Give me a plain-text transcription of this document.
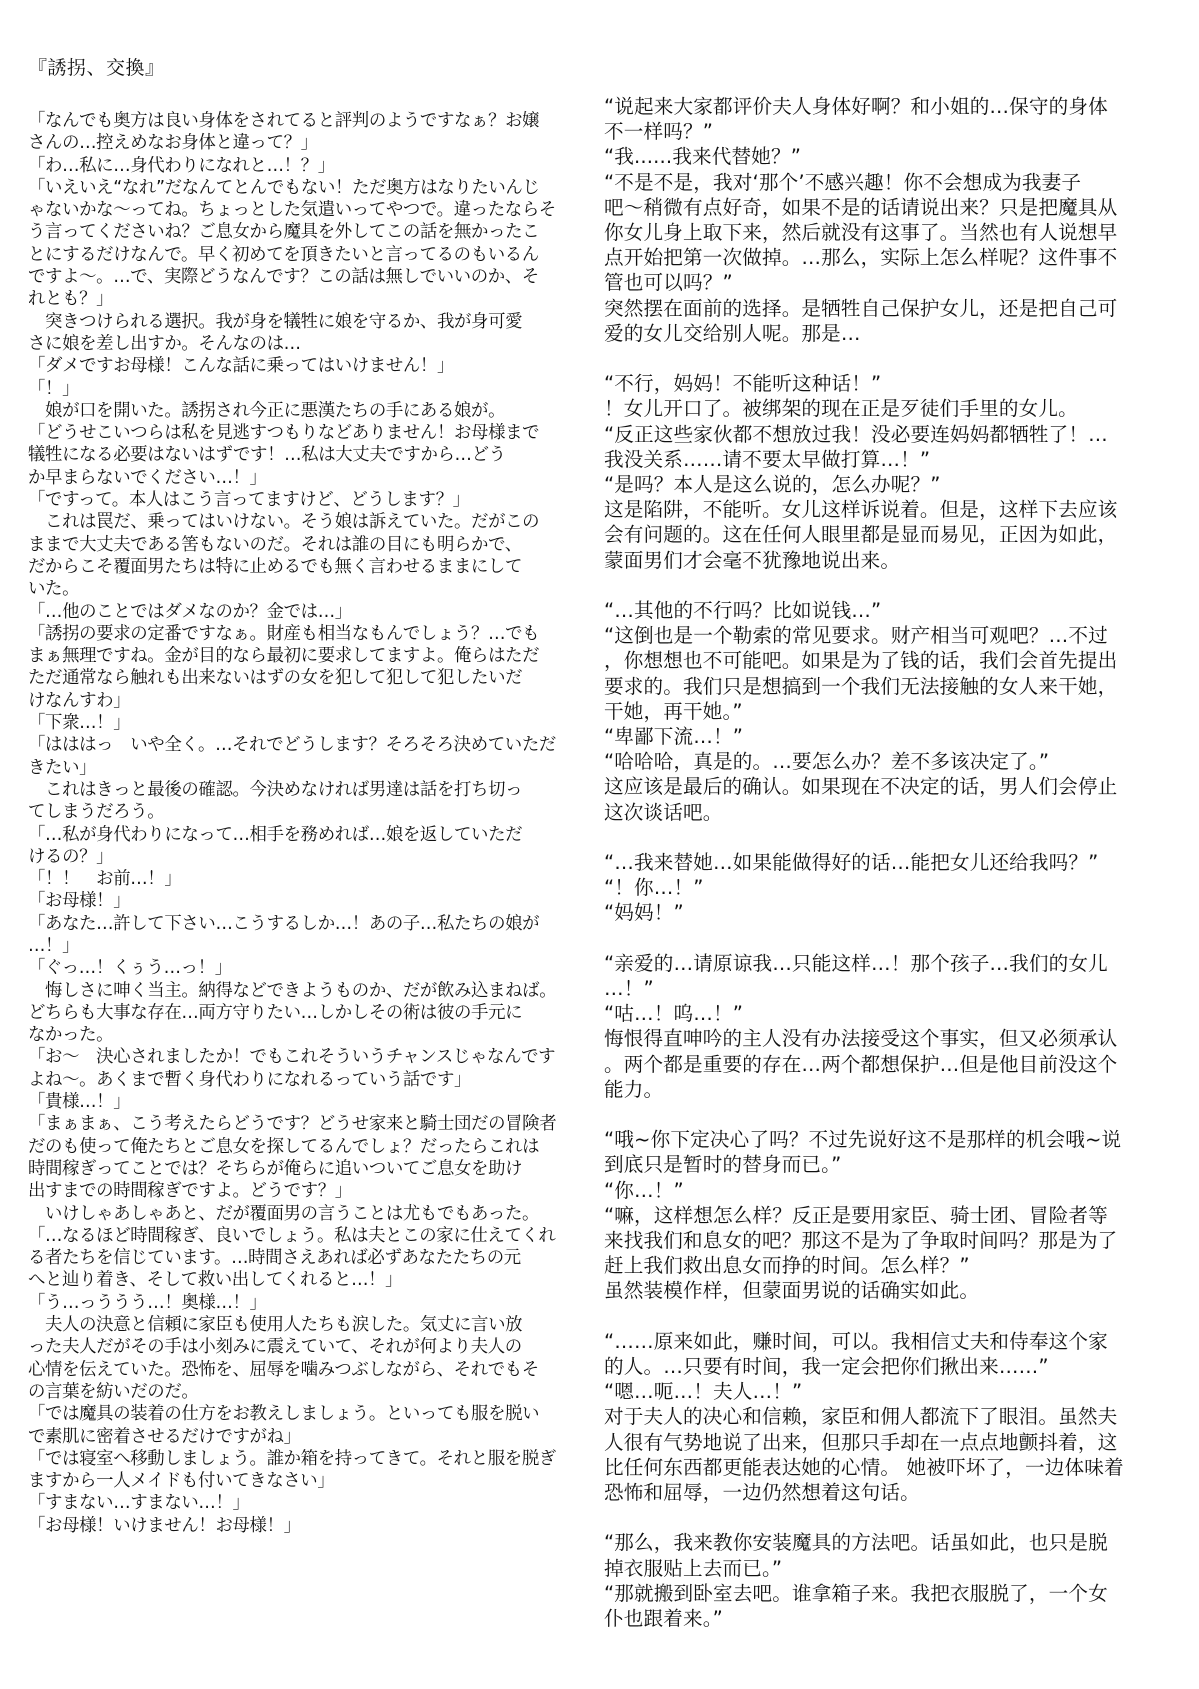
『誘拐、交換』
「なんでも奥方は良い身体をされてると評判のようですなぁ？お嬢
さんの…控えめなお身体と違って？」
「わ…私に…身代わりになれと…！？」
「いえいえ“なれ”だなんてとんでもない！ただ奥方はなりたいんじ
ゃないかな〜ってね。ちょっとした気遣いってやつで。違ったならそ
う言ってくださいね？ご息女から魔具を外してこの話を無かったこ
とにするだけなんで。早く初めてを頂きたいと言ってるのもいるん
ですよ〜。…で、実際どうなんです？この話は無しでいいのか、そ
れとも？」
　突きつけられる選択。我が身を犠牲に娘を守るか、我が身可愛
さに娘を差し出すか。そんなのは…
「ダメですお母様！こんな話に乗ってはいけません！」
「！」
　娘が口を開いた。誘拐され今正に悪漢たちの手にある娘が。
「どうせこいつらは私を見逃すつもりなどありません！お母様まで
犠牲になる必要はないはずです！…私は大丈夫ですから…どう
か早まらないでください…！」
「ですって。本人はこう言ってますけど、どうします？」
　これは罠だ、乗ってはいけない。そう娘は訴えていた。だがこの
ままで大丈夫である筈もないのだ。それは誰の目にも明らかで、
だからこそ覆面男たちは特に止めるでも無く言わせるままにして
いた。
「…他のことではダメなのか？金では…」
「誘拐の要求の定番ですなぁ。財産も相当なもんでしょう？…でも
まぁ無理ですね。金が目的なら最初に要求してますよ。俺らはただ
ただ通常なら触れも出来ないはずの女を犯して犯して犯したいだ
けなんすわ」
「下衆…！」
「はははっ　いや全く。…それでどうします？そろそろ決めていただ
きたい」
　これはきっと最後の確認。今決めなければ男達は話を打ち切っ
てしまうだろう。
「…私が身代わりになって…相手を務めれば…娘を返していただ
けるの？」
「！！　お前…！」
「お母様！」
「あなた…許して下さい…こうするしか…！あの子…私たちの娘が
…！」
「ぐっ…！くぅう…っ！」
　悔しさに呻く当主。納得などできようものか、だが飲み込まねば。
どちらも大事な存在…両方守りたい…しかしその術は彼の手元に
なかった。
「お〜　決心されましたか！でもこれそういうチャンスじゃなんです
よね〜。あくまで暫く身代わりになれるっていう話です」
「貴様…！」
「まぁまぁ、こう考えたらどうです？どうせ家来と騎士団だの冒険者
だのも使って俺たちとご息女を探してるんでしょ？だったらこれは
時間稼ぎってことでは？そちらが俺らに追いついてご息女を助け
出すまでの時間稼ぎですよ。どうです？」
　いけしゃあしゃあと、だが覆面男の言うことは尤もでもあった。
「…なるほど時間稼ぎ、良いでしょう。私は夫とこの家に仕えてくれ
る者たちを信じています。…時間さえあれば必ずあなたたちの元
へと辿り着き、そして救い出してくれると…！」
「う…っううう…！奥様…！」
　夫人の決意と信頼に家臣も使用人たちも涙した。気丈に言い放
った夫人だがその手は小刻みに震えていて、それが何より夫人の
心情を伝えていた。恐怖を、屈辱を噛みつぶしながら、それでもそ
の言葉を紡いだのだ。
「では魔具の装着の仕方をお教えしましょう。といっても服を脱い
で素肌に密着させるだけですがね」
「では寝室へ移動しましょう。誰か箱を持ってきて。それと服を脱ぎ
ますから一人メイドも付いてきなさい」
「すまない…すまない…！」
「お母様！いけません！お母様！」
“说起来大家都评价夫人身体好啊？和小姐的…保守的身体
不一样吗？”
“我......我来代替她？”
“不是不是，我对‘那个’不感兴趣！你不会想成为我妻子
吧～稍微有点好奇，如果不是的话请说出来？只是把魔具从
你女儿身上取下来，然后就没有这事了。当然也有人说想早
点开始把第一次做掉。…那么，实际上怎么样呢？这件事不
管也可以吗？”
突然摆在面前的选择。是牺牲自己保护女儿，还是把自己可
爱的女儿交给别人呢。那是…
“不行，妈妈！不能听这种话！”
！女儿开口了。被绑架的现在正是歹徒们手里的女儿。
“反正这些家伙都不想放过我！没必要连妈妈都牺牲了！…
我没关系……请不要太早做打算…！”
“是吗？本人是这么说的，怎么办呢？”
这是陷阱，不能听。女儿这样诉说着。但是，这样下去应该
会有问题的。这在任何人眼里都是显而易见，正因为如此，
蒙面男们才会毫不犹豫地说出来。
“…其他的不行吗？比如说钱…”
“这倒也是一个勒索的常见要求。财产相当可观吧？…不过
，你想想也不可能吧。如果是为了钱的话，我们会首先提出
要求的。我们只是想搞到一个我们无法接触的女人来干她，
干她，再干她。”
“卑鄙下流…！”
“哈哈哈，真是的。…要怎么办？差不多该决定了。”
这应该是最后的确认。如果现在不决定的话，男人们会停止
这次谈话吧。
“…我来替她…如果能做得好的话…能把女儿还给我吗？”
“！你…！”
“妈妈！”
“亲爱的…请原谅我…只能这样…！那个孩子…我们的女儿
…！”
“咕…！呜…！”
悔恨得直呻吟的主人没有办法接受这个事实，但又必须承认
。两个都是重要的存在…两个都想保护…但是他目前没这个
能力。
“哦~你下定决心了吗？不过先说好这不是那样的机会哦~说
到底只是暂时的替身而已。”
“你…！”
“嘛，这样想怎么样？反正是要用家臣、骑士团、冒险者等
来找我们和息女的吧？那这不是为了争取时间吗？那是为了
赶上我们救出息女而挣的时间。怎么样？”
虽然装模作样，但蒙面男说的话确实如此。
“……原来如此，赚时间，可以。我相信丈夫和侍奉这个家
的人。…只要有时间，我一定会把你们揪出来……”
“嗯…呃…！夫人…！”
对于夫人的决心和信赖，家臣和佣人都流下了眼泪。虽然夫
人很有气势地说了出来，但那只手却在一点点地颤抖着，这
比任何东西都更能表达她的心情。 她被吓坏了，一边体味着
恐怖和屈辱，一边仍然想着这句话。
“那么，我来教你安装魔具的方法吧。话虽如此，也只是脱
掉衣服贴上去而已。”
“那就搬到卧室去吧。谁拿箱子来。我把衣服脱了，一个女
仆也跟着来。”
